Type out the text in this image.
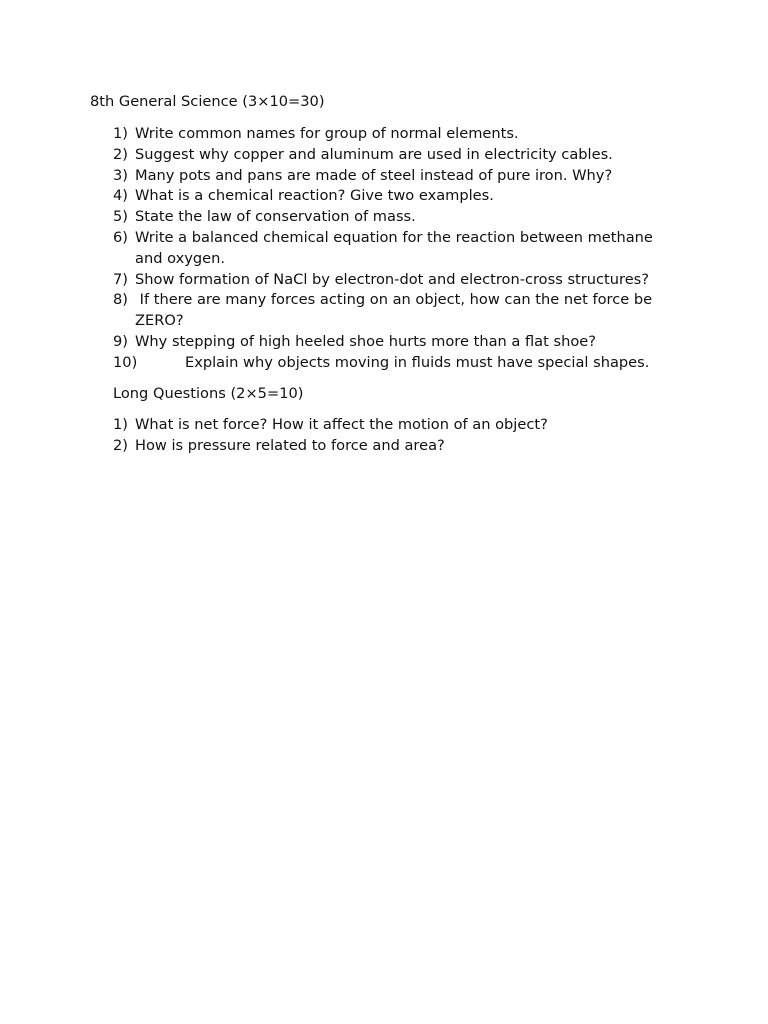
8th General Science (3×10=30)
1) Write common names for group of normal elements.
2) Suggest why copper and aluminum are used in electricity cables.
3) Many pots and pans are made of steel instead of pure iron. Why?
4) What is a chemical reaction? Give two examples.
5) State the law of conservation of mass.
6) Write a balanced chemical equation for the reaction between methane and oxygen.
7) Show formation of NaCl by electron-dot and electron-cross structures?
8) If there are many forces acting on an object, how can the net force be ZERO?
9) Why stepping of high heeled shoe hurts more than a flat shoe?
10)	Explain why objects moving in fluids must have special shapes.
Long Questions (2×5=10)
1) What is net force? How it affect the motion of an object?
2) How is pressure related to force and area?
